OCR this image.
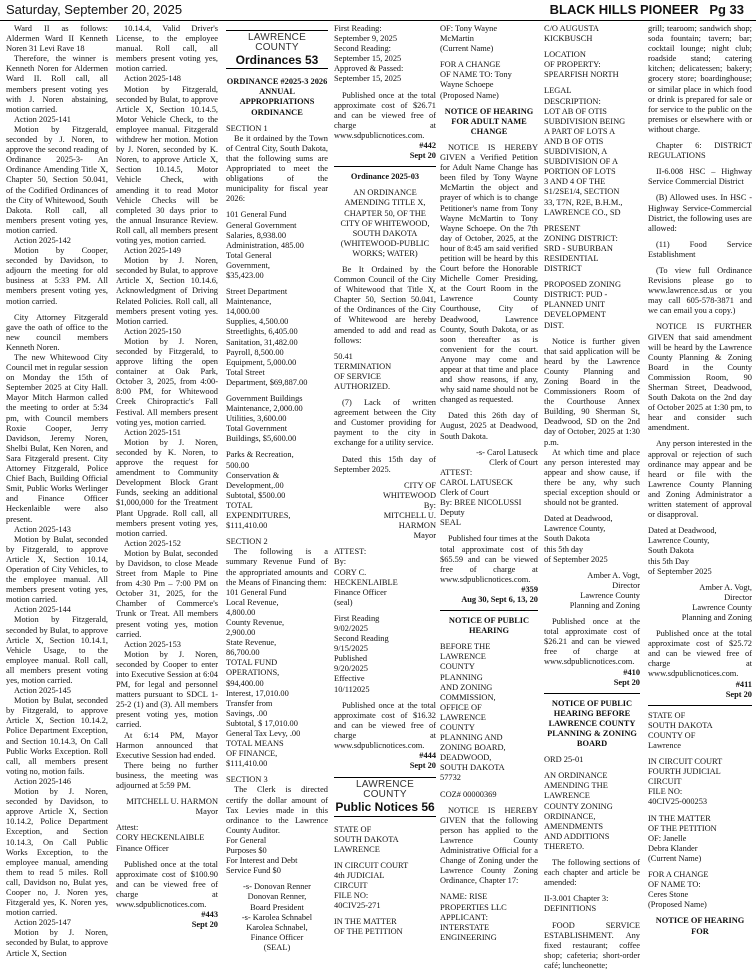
Saturday, September 20, 2025	BLACK HILLS PIONEER Pg 33

Ward II as follows: Aldermen Ward II Kenneth Noren 31 Levi Rave 18

Therefore, the winner is Kenneth Noren for Aldermen Ward II. Roll call, all members present voting yes with J. Noren abstaining, motion carried.

Action 2025-141

Motion by Fitzgerald, seconded by J. Noren, to approve the second reading of Ordinance 2025-3- An Ordinance Amending Title X, Chapter 50, Section 50.041, of the Codified Ordinances of the City of Whitewood, South Dakota. Roll call, all members present voting yes, motion carried.

Action 2025-142

Motion by Cooper, seconded by Davidson, to adjourn the meeting for old business at 5:33 PM. All members present voting yes, motion carried.

City Attorney Fitzgerald gave the oath of office to the new council members Kenneth Noren.

The new Whitewood City Council met in regular session on Monday the 15th of September 2025 at City Hall. Mayor Mitch Harmon called the meeting to order at 5:34 pm, with Council members Roxie Cooper, Jerry Davidson, Jeremy Noren, Shelbi Bulat, Ken Noren, and Sara Fitzgerald present. City Attorney Fitzgerald, Police Chief Bach, Building Official Smit, Public Works Werlinger and Finance Officer Heckenlaible were also present.

Action 2025-143

Motion by Bulat, seconded by Fitzgerald, to approve Article X, Section 10.14, Operation of City Vehicles, to the employee manual. All members present voting yes, motion carried.

Action 2025-144

Motion by Fitzgerald, seconded by Bulat, to approve Article X, Section 10.14.1, Vehicle Usage, to the employee manual. Roll call, all members present voting yes, motion carried.

Action 2025-145

Motion by Bulat, seconded by Fitzgerald, to approve Article X, Section 10.14.2, Police Department Exception, and Section 10.14.3, On Call Public Works Exception. Roll call, all members present voting no, motion fails.

Action 2025-146

Motion by J. Noren, seconded by Davidson, to approve Article X, Section 10.14.2, Police Department Exception, and Section 10.14.3, On Call Public Works Exception, to the employee manual, amending them to read 5 miles. Roll call, Davidson no, Bulat yes, Cooper no, J. Noren yes, Fitzgerald yes, K. Noren yes, motion carried.

Action 2025-147

Motion by J. Noren, seconded by Bulat, to approve Article X, Section

10.14.4, Valid Driver's License, to the employee manual. Roll call, all members present voting yes, motion carried.

Action 2025-148

Motion by Fitzgerald, seconded by Bulat, to approve Article X, Section 10.14.5, Motor Vehicle Check, to the employee manual. Fitzgerald withdrew her motion. Motion by J. Noren, seconded by K. Noren, to approve Article X, Section 10.14.5, Motor Vehicle Check, with amending it to read Motor Vehicle Checks will be completed 30 days prior to the annual Insurance Review. Roll call, all members present voting yes, motion carried.

Action 2025-149

Motion by J. Noren, seconded by Bulat, to approve Article X, Section 10.14.6, Acknowledgment of Driving Related Policies. Roll call, all members present voting yes. Motion carried.

Action 2025-150

Motion by J. Noren, seconded by Fitzgerald, to approve lifting the open container at Oak Park, October 3, 2025, from 4:00-8:00 PM, for Whitewood Creek Chiropractic's Fall Festival. All members present voting yes, motion carried.

Action 2025-151

Motion by J. Noren, seconded by K. Noren, to approve the request for amendment to Community Development Block Grant Funds, seeking an additional $1,000,000 for the Treatment Plant Upgrade. Roll call, all members present voting yes, motion carried.

Action 2025-152

Motion by Bulat, seconded by Davidson, to close Meade Street from Maple to Pine from 4:30 Pm – 7:00 PM on October 31, 2025, for the Chamber of Commerce's Trunk or Treat. All members present voting yes, motion carried.

Action 2025-153

Motion by J. Noren, seconded by Cooper to enter into Executive Session at 6:04 PM, for legal and personnel matters pursuant to SDCL 1-25-2 (1) and (3). All members present voting yes, motion carried.

At 6:14 PM, Mayor Harmon announced that Executive Session had ended.

There being no further business, the meeting was adjourned at 5:59 PM.

MITCHELL U. HARMON

Mayor

Attest:

CORY HECKENLAIBLE

Finance Officer

Published once at the total approximate cost of $100.90 and can be viewed free of charge at www.sdpublicnotices.com.

#443

Sept 20

LAWRENCE COUNTY
Ordinances 53

ORDINANCE #2025-3 2026 ANNUAL APPROPRIATIONS ORDINANCE

SECTION 1

Be it ordained by the Town of Central City, South Dakota, that the following sums are Appropriated to meet the obligations of the municipality for fiscal year 2026:

101 General Fund
General Government
Salaries, 8,938.00
Administration, 485.00
Total General
Government,
$35,423.00

Street Department
Maintenance,
14,000.00
Supplies, 4,500.00
Streetlights, 6,405.00
Sanitation, 31,482.00
Payroll, 8,500.00
Equipment, 5,000.00
Total Street
Department, $69,887.00

Government Buildings
Maintenance, 2,000.00
Utilities, 3,600.00
Total Government
Buildings, $5,600.00

Parks & Recreation,
500.00
Conservation &
Development,.00
Subtotal, $500.00
TOTAL
EXPENDITURES,
$111,410.00

SECTION 2

The following is a summary Revenue Fund of the appropriated amounts and the Means of Financing them:

101 General Fund
Local Revenue,
4,800.00
County Revenue,
2,900.00
State Revenue,
86,700.00
TOTAL FUND
OPERATIONS,
$94,400.00
Interest, 17,010.00
Transfer from
Savings, .00
Subtotal, $ 17,010.00
General Tax Levy, .00
TOTAL MEANS
OF FINANCE,
$111,410.00

SECTION 3

The Clerk is directed certify the dollar amount of Tax Levies made in this ordinance to the Lawrence County Auditor.

For General
Purposes $0
For Interest and Debt
Service Fund $0

-s- Donovan Renner
Donovan Renner,
Board President

-s- Karolea Schnabel
Karolea Schnabel,
Finance Officer
(SEAL)

First Reading:
September 9, 2025
Second Reading:
September 15, 2025
Approved & Passed:
September 15, 2025

Published once at the total approximate cost of $26.71 and can be viewed free of charge at www.sdpublicnotices.com.

#442

Sept 20

Ordinance 2025-03

AN ORDINANCE AMENDING TITLE X, CHAPTER 50, OF THE CITY OF WHITEWOOD, SOUTH DAKOTA (WHITEWOOD-PUBLIC WORKS; WATER)

Be It Ordained by the Common Council of the City of Whitewood that Title X, Chapter 50, Section 50.041, of the Ordinances of the City of Whitewood are hereby amended to add and read as follows:

50.41
TERMINATION
OF SERVICE
AUTHORIZED.

(7) Lack of written agreement between the City and Customer providing for payment to the city in exchange for a utility service.

Dated this 15th day of September 2025.

CITY OF
WHITEWOOD
By:
MITCHELL U.
HARMON
Mayor

ATTEST:
By:
CORY C.
HECKENLAIBLE
Finance Officer
(seal)

First Reading
9/02/2025
Second Reading
9/15/2025
Published
9/20/2025
Effective
10/112025

Published once at the total approximate cost of $16.32 and can be viewed free of charge at www.sdpublicnotices.com.

#444

Sept 20

LAWRENCE COUNTY
Public Notices 56

STATE OF
SOUTH DAKOTA
LAWRENCE

IN CIRCUIT COURT
4th JUDICIAL
CIRCUIT
FILE NO:
40CIV25-271

IN THE MATTER
OF THE PETITION

OF: Tony Wayne
McMartin
(Current Name)

FOR A CHANGE
OF NAME TO: Tony
Wayne Schoepe
(Proposed Name)

NOTICE OF HEARING FOR ADULT NAME CHANGE

NOTICE IS HEREBY GIVEN a Verified Petition for Adult Name Change has been filed by Tony Wayne McMartin the object and prayer of which is to change Petitioner's name from Tony Wayne McMartin to Tony Wayne Schoepe. On the 7th day of October, 2025, at the hour of 8:45 am said verified petition will be heard by this Court before the Honorable Michelle Comer Presiding, at the Court Room in the Lawrence County Courthouse, City of Deadwood, Lawrence County, South Dakota, or as soon thereafter as is convenient for the court. Anyone may come and appear at that time and place and show reasons, if any, why said name should not be changed as requested.

Dated this 26th day of August, 2025 at Deadwood, South Dakota.

-s- Carol Latuseck
Clerk of Court

ATTEST:
CAROL LATUSECK
Clerk of Court
By: BREE NICOLUSSI
Deputy
SEAL

Published four times at the total approximate cost of $65.59 and can be viewed free of charge at www.sdpublicnotices.com.

#359

Aug 30, Sept 6, 13, 20

NOTICE OF PUBLIC HEARING

BEFORE THE
LAWRENCE
COUNTY
PLANNING
AND ZONING
COMMISSION,
OFFICE OF
LAWRENCE
COUNTY
PLANNING AND
ZONING BOARD,
DEADWOOD,
SOUTH DAKOTA
57732

COZ# 00000369

NOTICE IS HEREBY GIVEN that the following person has applied to the Lawrence County Administrative Official for a Change of Zoning under the Lawrence County Zoning Ordinance, Chapter 17:

NAME: RISE
PROPERTIES LLC
APPLICANT:
INTERSTATE
ENGINEERING

C/O AUGUSTA
KICKBUSCH

LOCATION
OF PROPERTY:
SPEARFISH NORTH

LEGAL
DESCRIPTION:
LOT AB OF OTIS
SUBDIVISION BEING
A PART OF LOTS A
AND B OF OTIS
SUBDIVISION, A
SUBDIVISION OF A
PORTION OF LOTS
3 AND 4 OF THE
S1/2SE1/4, SECTION
33, T7N, R2E, B.H.M.,
LAWRENCE CO., SD

PRESENT
ZONING DISTRICT:
SRD - SUBURBAN
RESIDENTIAL
DISTRICT

PROPOSED ZONING
DISTRICT: PUD -
PLANNED UNIT
DEVELOPMENT
DIST.

Notice is further given that said application will be heard by the Lawrence County Planning and Zoning Board in the Commissioners Room of the Courthouse Annex Building, 90 Sherman St, Deadwood, SD on the 2nd day of October, 2025 at 1:30 p.m.

At which time and place any person interested may appear and show cause, if there be any, why such special exception should or should not be granted.

Dated at Deadwood,
Lawrence County,
South Dakota
this 5th day
of September 2025

Amber A. Vogt,
Director
Lawrence County
Planning and Zoning

Published once at the total approximate cost of $26.21 and can be viewed free of charge at www.sdpublicnotices.com.

#410

Sept 20

NOTICE OF PUBLIC HEARING BEFORE LAWRENCE COUNTY PLANNING & ZONING BOARD

ORD 25-01

AN ORDINANCE
AMENDING THE
LAWRENCE
COUNTY ZONING
ORDINANCE,
AMENDMENTS
AND ADDITIONS
THERETO.

The following sections of each chapter and article be amended:

II-3.001 Chapter 3:
DEFINITIONS

FOOD SERVICE ESTABLISHMENT. Any fixed restaurant; coffee shop; cafeteria; short-order café; luncheonette;

grill; tearoom; sandwich shop; soda fountain; tavern; bar; cocktail lounge; night club; roadside stand; catering kitchen; delicatessen; bakery; grocery store; boardinghouse; or similar place in which food or drink is prepared for sale or for service to the public on the premises or elsewhere with or without charge.

Chapter 6: DISTRICT REGULATIONS

II-6.008 HSC – Highway Service Commercial District

(B) Allowed uses. In HSC - Highway Service-Commercial District, the following uses are allowed:

(11) Food Service Establishment

(To view full Ordinance Revisions please go to www.lawrence.sd.us or you may call 605-578-3871 and we can email you a copy.)

NOTICE IS FURTHER GIVEN that said amendment will be heard by the Lawrence County Planning & Zoning Board in the County Commission Room, 90 Sherman Street, Deadwood, South Dakota on the 2nd day of October 2025 at 1:30 pm, to hear and consider such amendment.

Any person interested in the approval or rejection of such ordinance may appear and be heard or file with the Lawrence County Planning and Zoning Administrator a written statement of approval or disapproval.

Dated at Deadwood,
Lawrence County,
South Dakota
this 5th Day
of September 2025

Amber A. Vogt,
Director
Lawrence County
Planning and Zoning

Published once at the total approximate cost of $25.72 and can be viewed free of charge at www.sdpublicnotices.com.

#411

Sept 20

STATE OF
SOUTH DAKOTA
COUNTY OF
Lawrence

IN CIRCUIT COURT
FOURTH JUDICIAL
CIRCUIT
FILE NO:
40CIV25-000253

IN THE MATTER
OF THE PETITION
OF: Janelle
Debra Klander
(Current Name)

FOR A CHANGE
OF NAME TO:
Ceres Stone
(Proposed Name)

NOTICE OF HEARING FOR
